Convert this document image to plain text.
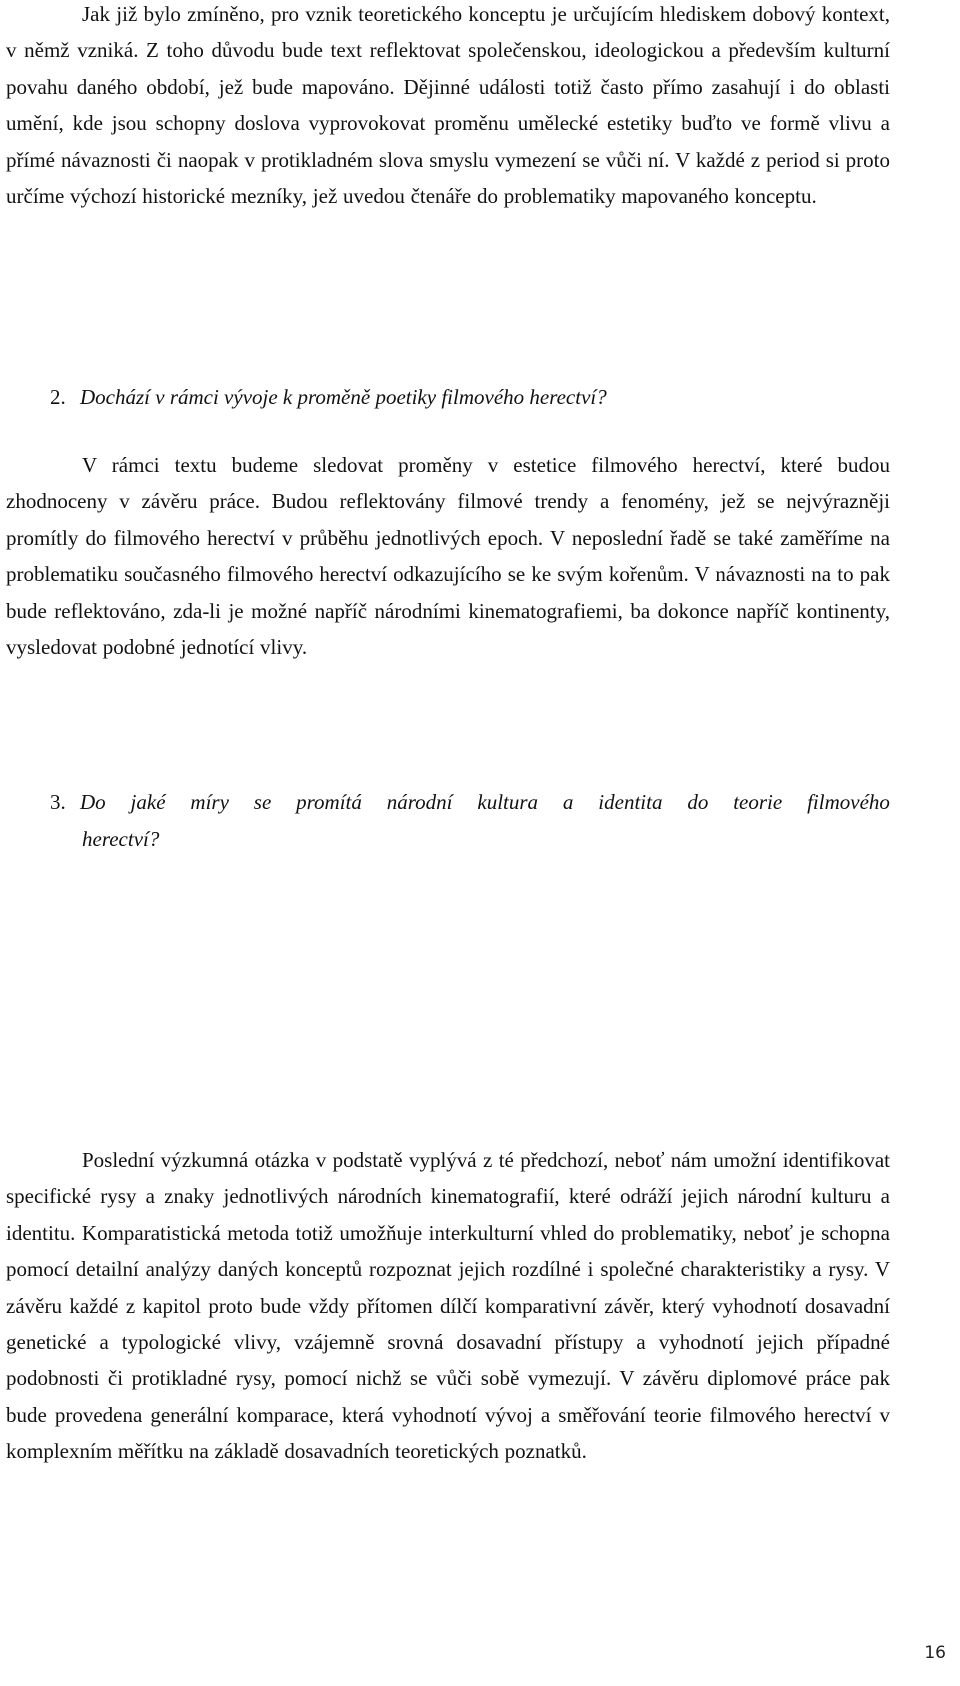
Jak již bylo zmíněno, pro vznik teoretického konceptu je určujícím hlediskem dobový kontext, v němž vzniká. Z toho důvodu bude text reflektovat společenskou, ideologickou a především kulturní povahu daného období, jež bude mapováno. Dějinné události totiž často přímo zasahují i do oblasti umění, kde jsou schopny doslova vyprovokovat proměnu umělecké estetiky buďto ve formě vlivu a přímé návaznosti či naopak v protikladném slova smyslu vymezení se vůči ní. V každé z period si proto určíme výchozí historické mezníky, jež uvedou čtenáře do problematiky mapovaného konceptu.

2. Dochází v rámci vývoje k proměně poetiky filmového herectví?

V rámci textu budeme sledovat proměny v estetice filmového herectví, které budou zhodnoceny v závěru práce. Budou reflektovány filmové trendy a fenomény, jež se nejvýrazněji promítly do filmového herectví v průběhu jednotlivých epoch. V neposlední řadě se také zaměříme na problematiku současného filmového herectví odkazujícího se ke svým kořenům. V návaznosti na to pak bude reflektováno, zda-li je možné napříč národními kinematografiemi, ba dokonce napříč kontinenty, vysledovat podobné jednotící vlivy.

3. Do jaké míry se promítá národní kultura a identita do teorie filmového
herectví?

Poslední výzkumná otázka v podstatě vyplývá z té předchozí, neboť nám umožní identifikovat specifické rysy a znaky jednotlivých národních kinematografií, které odráží jejich národní kulturu a identitu. Komparatistická metoda totiž umožňuje interkulturní vhled do problematiky, neboť je schopna pomocí detailní analýzy daných konceptů rozpoznat jejich rozdílné i společné charakteristiky a rysy. V závěru každé z kapitol proto bude vždy přítomen dílčí komparativní závěr, který vyhodnotí dosavadní genetické a typologické vlivy, vzájemně srovná dosavadní přístupy a vyhodnotí jejich případné podobnosti či protikladné rysy, pomocí nichž se vůči sobě vymezují. V závěru diplomové práce pak bude provedena generální komparace, která vyhodnotí vývoj a směřování teorie filmového herectví v komplexním měřítku na základě dosavadních teoretických poznatků.

16
